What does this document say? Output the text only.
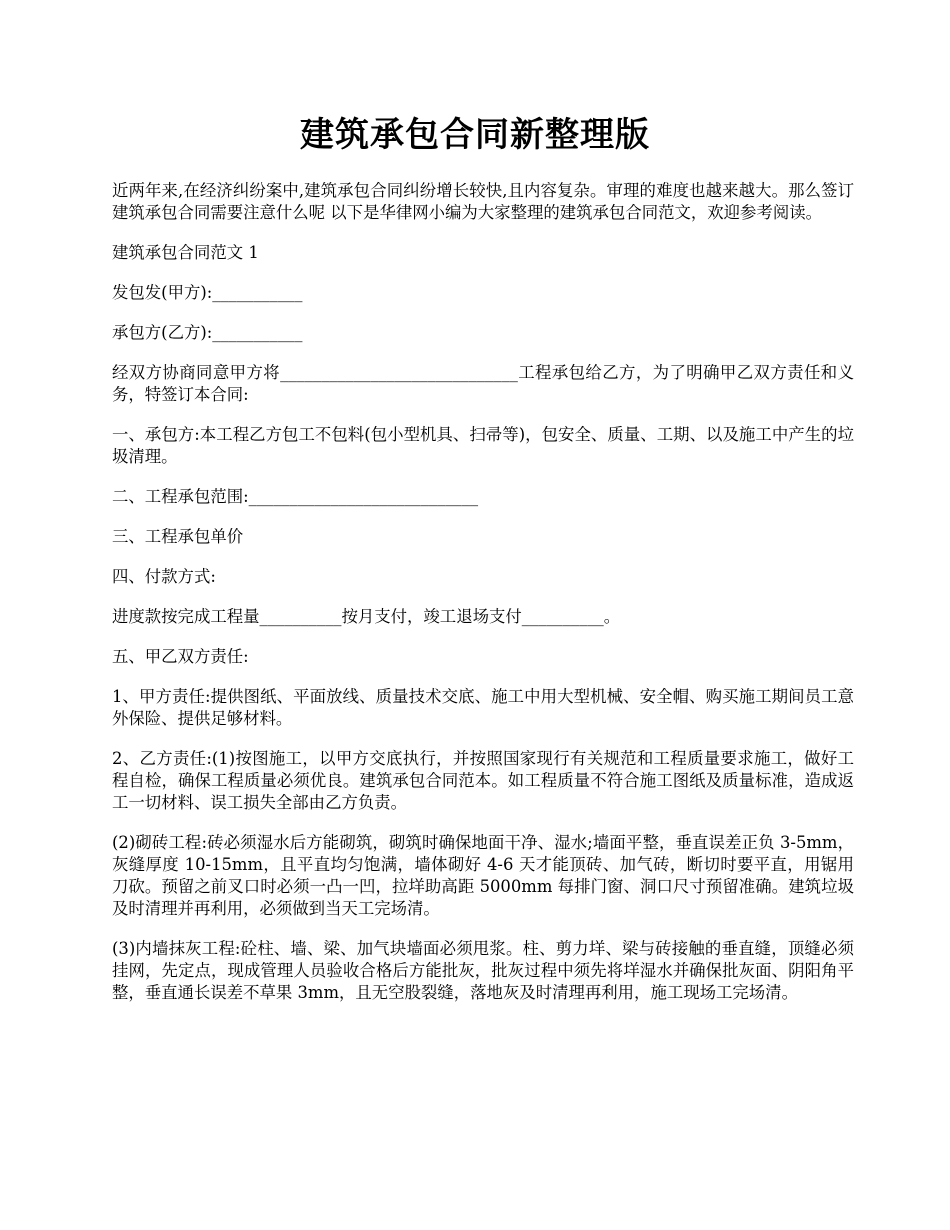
建筑承包合同新整理版

近两年来,在经济纠纷案中,建筑承包合同纠纷增长较快,且内容复杂。审理的难度也越来越大。那么签订建筑承包合同需要注意什么呢 以下是华律网小编为大家整理的建筑承包合同范文，欢迎参考阅读。

建筑承包合同范文 1

发包发(甲方):___________

承包方(乙方):___________

经双方协商同意甲方将_____________________________工程承包给乙方，为了明确甲乙双方责任和义务，特签订本合同:

一、承包方:本工程乙方包工不包料(包小型机具、扫帚等)，包安全、质量、工期、以及施工中产生的垃圾清理。

二、工程承包范围:____________________________

三、工程承包单价

四、付款方式:

进度款按完成工程量__________按月支付，竣工退场支付__________。

五、甲乙双方责任:

1、甲方责任:提供图纸、平面放线、质量技术交底、施工中用大型机械、安全帽、购买施工期间员工意外保险、提供足够材料。

2、乙方责任:(1)按图施工，以甲方交底执行，并按照国家现行有关规范和工程质量要求施工，做好工程自检，确保工程质量必须优良。建筑承包合同范本。如工程质量不符合施工图纸及质量标准，造成返工一切材料、误工损失全部由乙方负责。

(2)砌砖工程:砖必须湿水后方能砌筑，砌筑时确保地面干净、湿水;墙面平整，垂直误差正负 3-5mm，灰缝厚度 10-15mm，且平直均匀饱满，墙体砌好 4-6 天才能顶砖、加气砖，断切时要平直，用锯用刀砍。预留之前叉口时必须一凸一凹，拉垟助高距 5000mm 每排门窗、洞口尺寸预留准确。建筑垃圾及时清理并再利用，必须做到当天工完场清。

(3)内墙抹灰工程:砼柱、墙、梁、加气块墙面必须甩浆。柱、剪力垟、梁与砖接触的垂直缝，顶缝必须挂网，先定点，现成管理人员验收合格后方能批灰，批灰过程中须先将垟湿水并确保批灰面、阴阳角平整，垂直通长误差不草果 3mm，且无空股裂缝，落地灰及时清理再利用，施工现场工完场清。
